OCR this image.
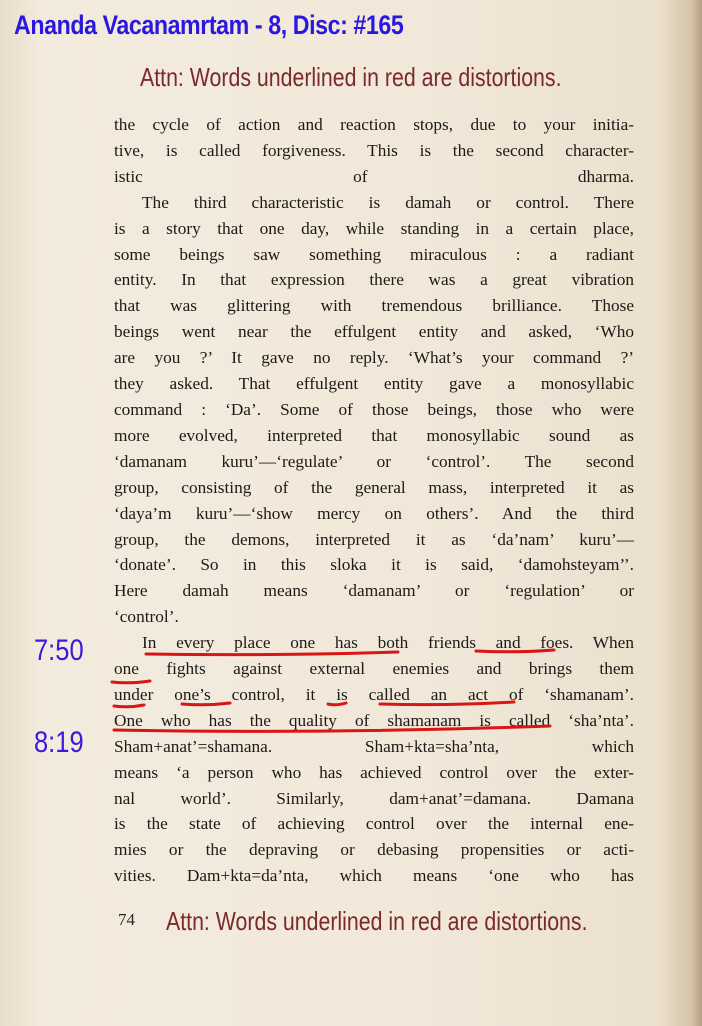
Ananda Vacanamrtam - 8, Disc: #165
Attn: Words underlined in red are distortions.

the cycle of action and reaction stops, due to your initia-
tive, is called forgiveness. This is the second character-
istic of dharma.

The third characteristic is damah or control. There
is a story that one day, while standing in a certain place,
some beings saw something miraculous : a radiant
entity. In that expression there was a great vibration
that was glittering with tremendous brilliance. Those
beings went near the effulgent entity and asked, ‘Who
are you ?’ It gave no reply. ‘What’s your command ?’
they asked. That effulgent entity gave a monosyllabic
command : ‘Da’. Some of those beings, those who were
more evolved, interpreted that monosyllabic sound as
‘damanam kuru’—‘regulate’ or ‘control’. The second
group, consisting of the general mass, interpreted it as
‘daya’m kuru’—‘show mercy on others’. And the third
group, the demons, interpreted it as ‘da’nam’ kuru’—
‘donate’. So in this sloka it is said, ‘damohsteyam’’.
Here damah means ‘damanam’ or ‘regulation’ or
‘control’.

In every place one has both friends and foes. When
one fights against external enemies and brings them
under one’s control, it is called an act of ‘shamanam’.
One who has the quality of shamanam is called ‘sha’nta’.
Sham+anat’=shamana. Sham+kta=sha’nta, which
means ‘a person who has achieved control over the exter-
nal world’. Similarly, dam+anat’=damana. Damana
is the state of achieving control over the internal ene-
mies or the depraving or debasing propensities or acti-
vities. Dam+kta=da’nta, which means ‘one who has

7:50
8:19
74 Attn: Words underlined in red are distortions.
